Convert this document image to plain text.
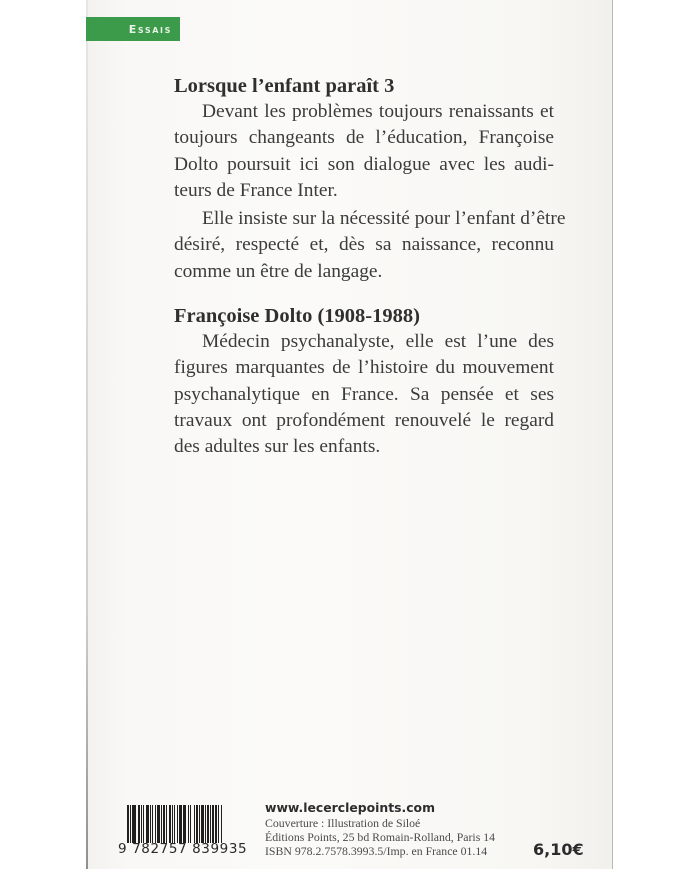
Essais
Lorsque l’enfant paraît 3

Devant les problèmes toujours renaissants et
toujours changeants de l’éducation, Françoise
Dolto poursuit ici son dialogue avec les audi-
teurs de France Inter.

Elle insiste sur la nécessité pour l’enfant d’être
désiré, respecté et, dès sa naissance, reconnu
comme un être de langage.

Françoise Dolto (1908-1988)

Médecin psychanalyste, elle est l’une des
figures marquantes de l’histoire du mouvement
psychanalytique en France. Sa pensée et ses
travaux ont profondément renouvelé le regard
des adultes sur les enfants.

9 782757 839935
www.lecerclepoints.com
Couverture : Illustration de Siloé
Éditions Points, 25 bd Romain-Rolland, Paris 14
ISBN 978.2.7578.3993.5/Imp. en France 01.14	6,10€
